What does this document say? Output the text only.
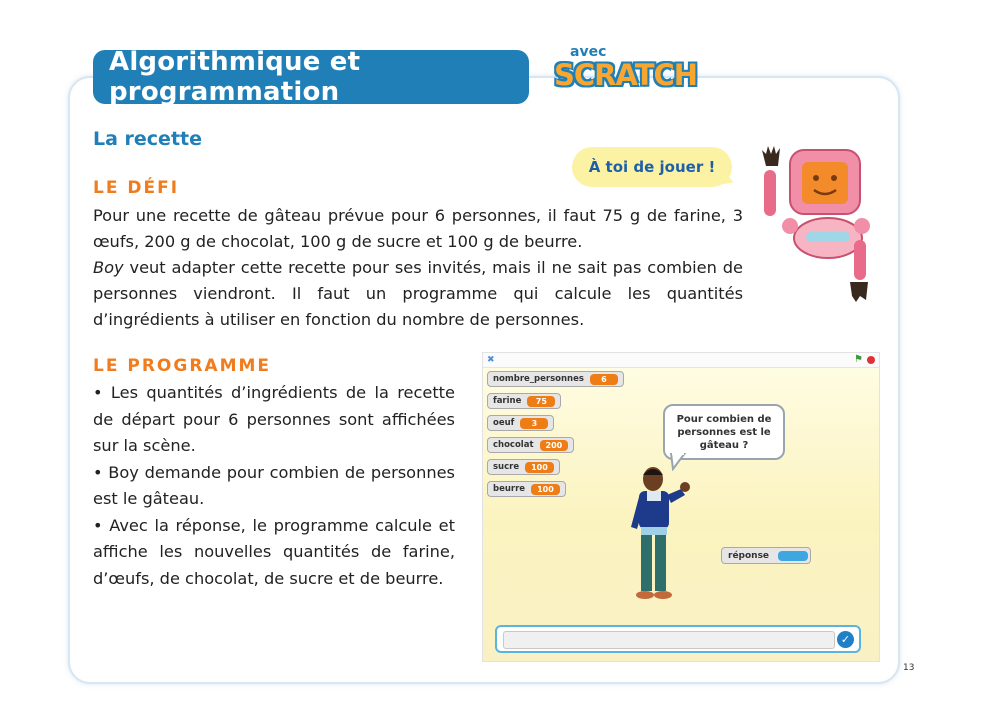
Algorithmique et programmation
avec
SCRATCH
La recette
À toi de jouer !
LE DÉFI

Pour une recette de gâteau prévue pour 6 personnes, il faut 75 g de farine, 3 œufs, 200 g de chocolat, 100 g de sucre et 100 g de beurre.

Boy veut adapter cette recette pour ses invités, mais il ne sait pas combien de personnes viendront. Il faut un programme qui calcule les quantités d’ingrédients à utiliser en fonction du nombre de personnes.

LE PROGRAMME

• Les quantités d’ingrédients de la recette de départ pour 6 personnes sont affichées sur la scène.

• Boy demande pour combien de personnes est le gâteau.

• Avec la réponse, le programme calcule et affiche les nouvelles quantités de farine, d’œufs, de chocolat, de sucre et de beurre.

✖	⚑
nombre_personnes	6
farine	75
oeuf	3
chocolat	200
sucre	100
beurre	100
Pour combien de personnes est le gâteau ?
réponse
✓
13
